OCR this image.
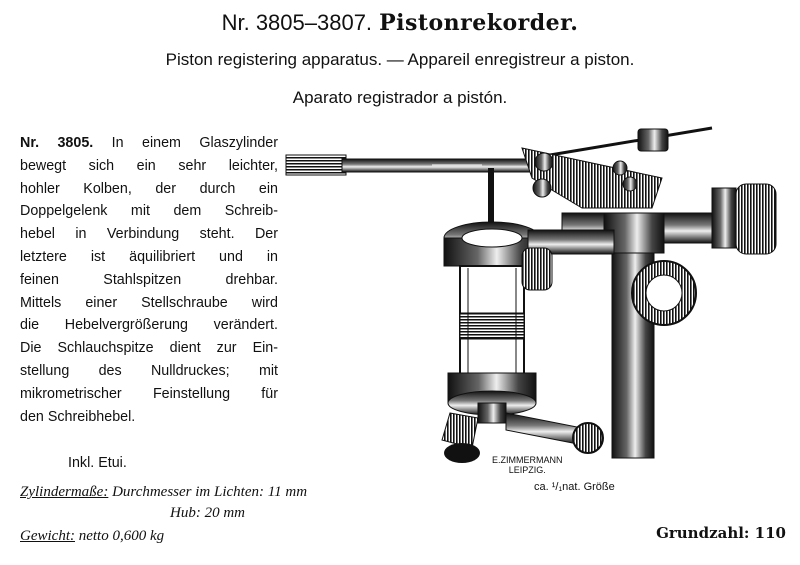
Nr. 3805–3807. Pistonrekorder.
Piston registering apparatus. — Appareil enregistreur a piston.
Aparato registrador a pistón.
Nr. 3805. In einem Glaszylinder
bewegt sich ein sehr leichter,
hohler Kolben, der durch ein
Doppelgelenk mit dem Schreib-
hebel in Verbindung steht. Der
letztere ist äquilibriert und in
feinen Stahlspitzen drehbar.
Mittels einer Stellschraube wird
die Hebelvergrößerung verändert.
Die Schlauchspitze dient zur Ein-
stellung des Nulldruckes; mit
mikrometrischer Feinstellung für
den Schreibhebel.
Inkl. Etui.
Zylindermaße: Durchmesser im Lichten: 11 mm
Hub: 20 mm
Gewicht: netto 0,600 kg	Grundzahl: 110
E.ZIMMERMANN
LEIPZIG.
ca. ¹/₁nat. Größe
